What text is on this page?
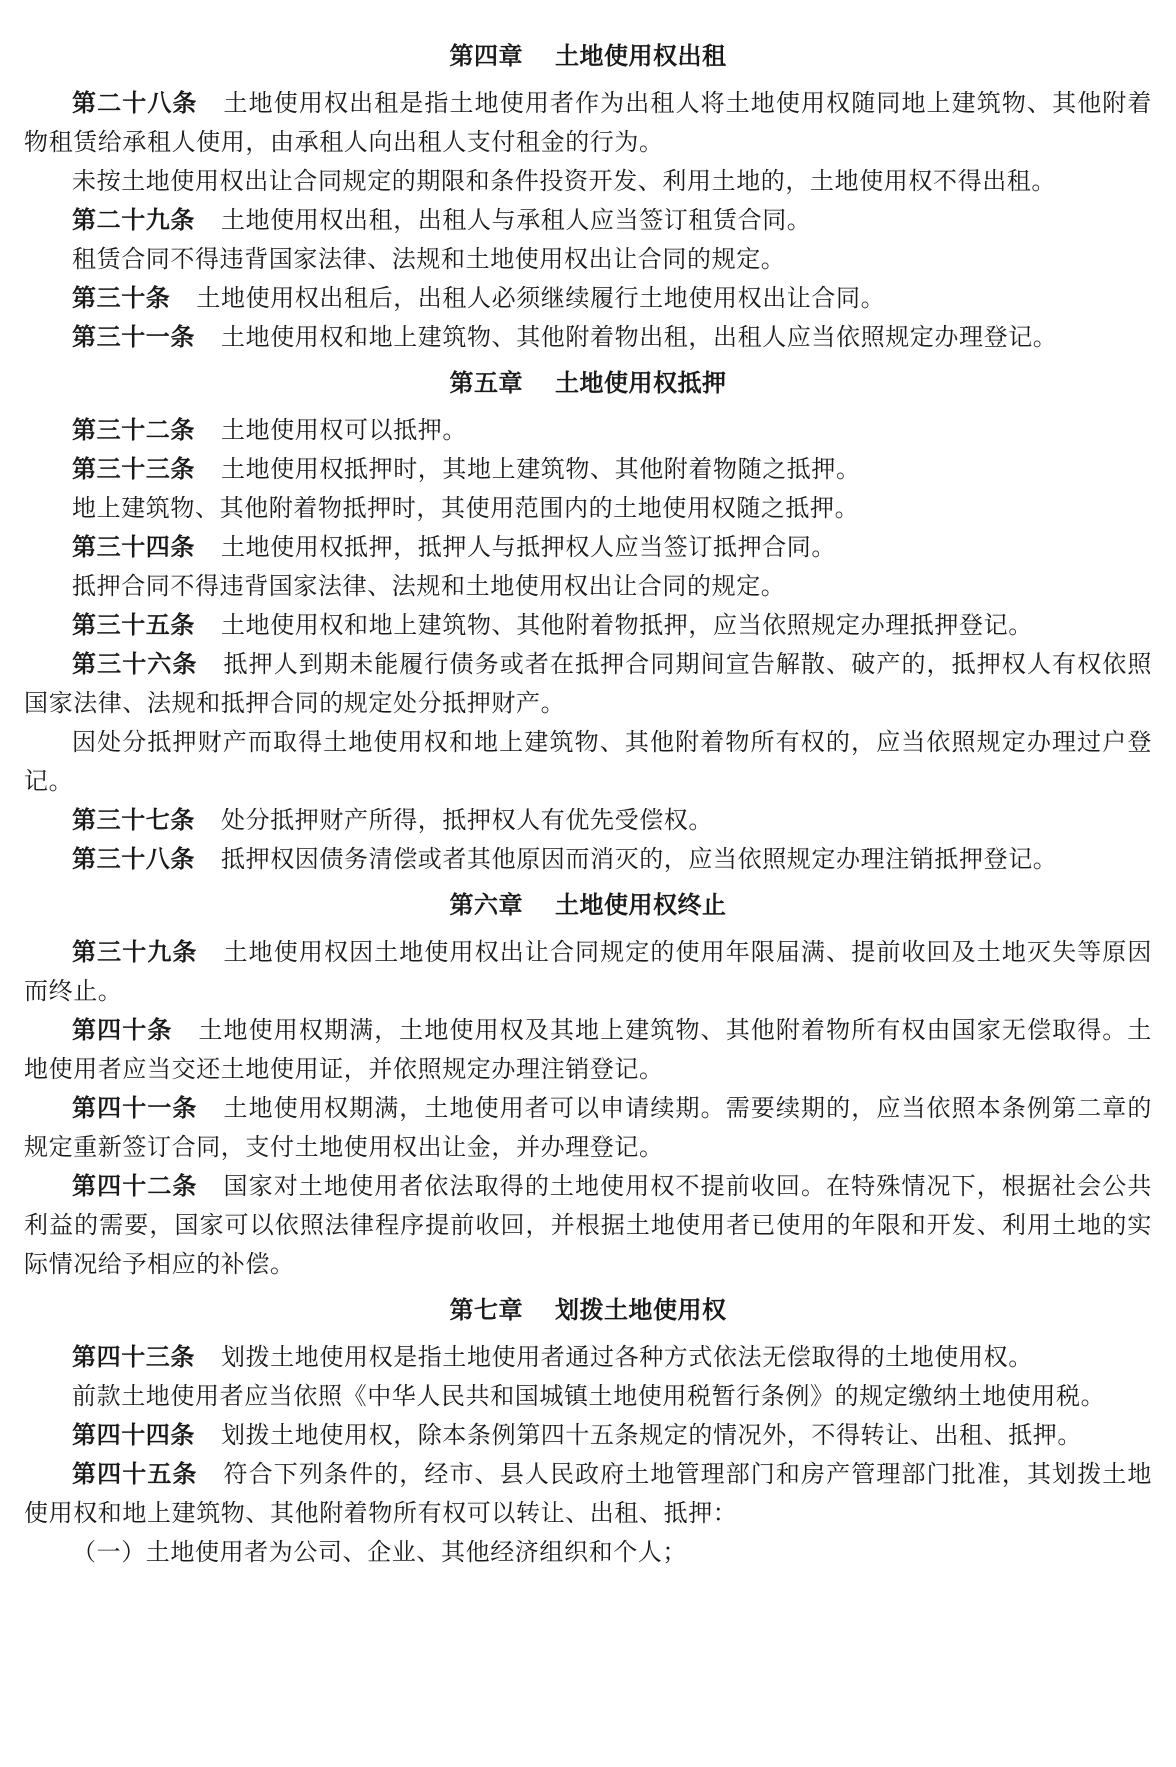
第四章 土地使用权出租

第二十八条 土地使用权出租是指土地使用者作为出租人将土地使用权随同地上建筑物、其他附着物租赁给承租人使用，由承租人向出租人支付租金的行为。

未按土地使用权出让合同规定的期限和条件投资开发、利用土地的，土地使用权不得出租。

第二十九条 土地使用权出租，出租人与承租人应当签订租赁合同。

租赁合同不得违背国家法律、法规和土地使用权出让合同的规定。

第三十条 土地使用权出租后，出租人必须继续履行土地使用权出让合同。

第三十一条 土地使用权和地上建筑物、其他附着物出租，出租人应当依照规定办理登记。

第五章 土地使用权抵押

第三十二条 土地使用权可以抵押。

第三十三条 土地使用权抵押时，其地上建筑物、其他附着物随之抵押。

地上建筑物、其他附着物抵押时，其使用范围内的土地使用权随之抵押。

第三十四条 土地使用权抵押，抵押人与抵押权人应当签订抵押合同。

抵押合同不得违背国家法律、法规和土地使用权出让合同的规定。

第三十五条 土地使用权和地上建筑物、其他附着物抵押，应当依照规定办理抵押登记。

第三十六条 抵押人到期未能履行债务或者在抵押合同期间宣告解散、破产的，抵押权人有权依照国家法律、法规和抵押合同的规定处分抵押财产。

因处分抵押财产而取得土地使用权和地上建筑物、其他附着物所有权的，应当依照规定办理过户登记。

第三十七条 处分抵押财产所得，抵押权人有优先受偿权。

第三十八条 抵押权因债务清偿或者其他原因而消灭的，应当依照规定办理注销抵押登记。

第六章 土地使用权终止

第三十九条 土地使用权因土地使用权出让合同规定的使用年限届满、提前收回及土地灭失等原因而终止。

第四十条 土地使用权期满，土地使用权及其地上建筑物、其他附着物所有权由国家无偿取得。土地使用者应当交还土地使用证，并依照规定办理注销登记。

第四十一条 土地使用权期满，土地使用者可以申请续期。需要续期的，应当依照本条例第二章的规定重新签订合同，支付土地使用权出让金，并办理登记。

第四十二条 国家对土地使用者依法取得的土地使用权不提前收回。在特殊情况下，根据社会公共利益的需要，国家可以依照法律程序提前收回，并根据土地使用者已使用的年限和开发、利用土地的实际情况给予相应的补偿。

第七章 划拨土地使用权

第四十三条 划拨土地使用权是指土地使用者通过各种方式依法无偿取得的土地使用权。

前款土地使用者应当依照《中华人民共和国城镇土地使用税暂行条例》的规定缴纳土地使用税。

第四十四条 划拨土地使用权，除本条例第四十五条规定的情况外，不得转让、出租、抵押。

第四十五条 符合下列条件的，经市、县人民政府土地管理部门和房产管理部门批准，其划拨土地使用权和地上建筑物、其他附着物所有权可以转让、出租、抵押：

（一）土地使用者为公司、企业、其他经济组织和个人；
